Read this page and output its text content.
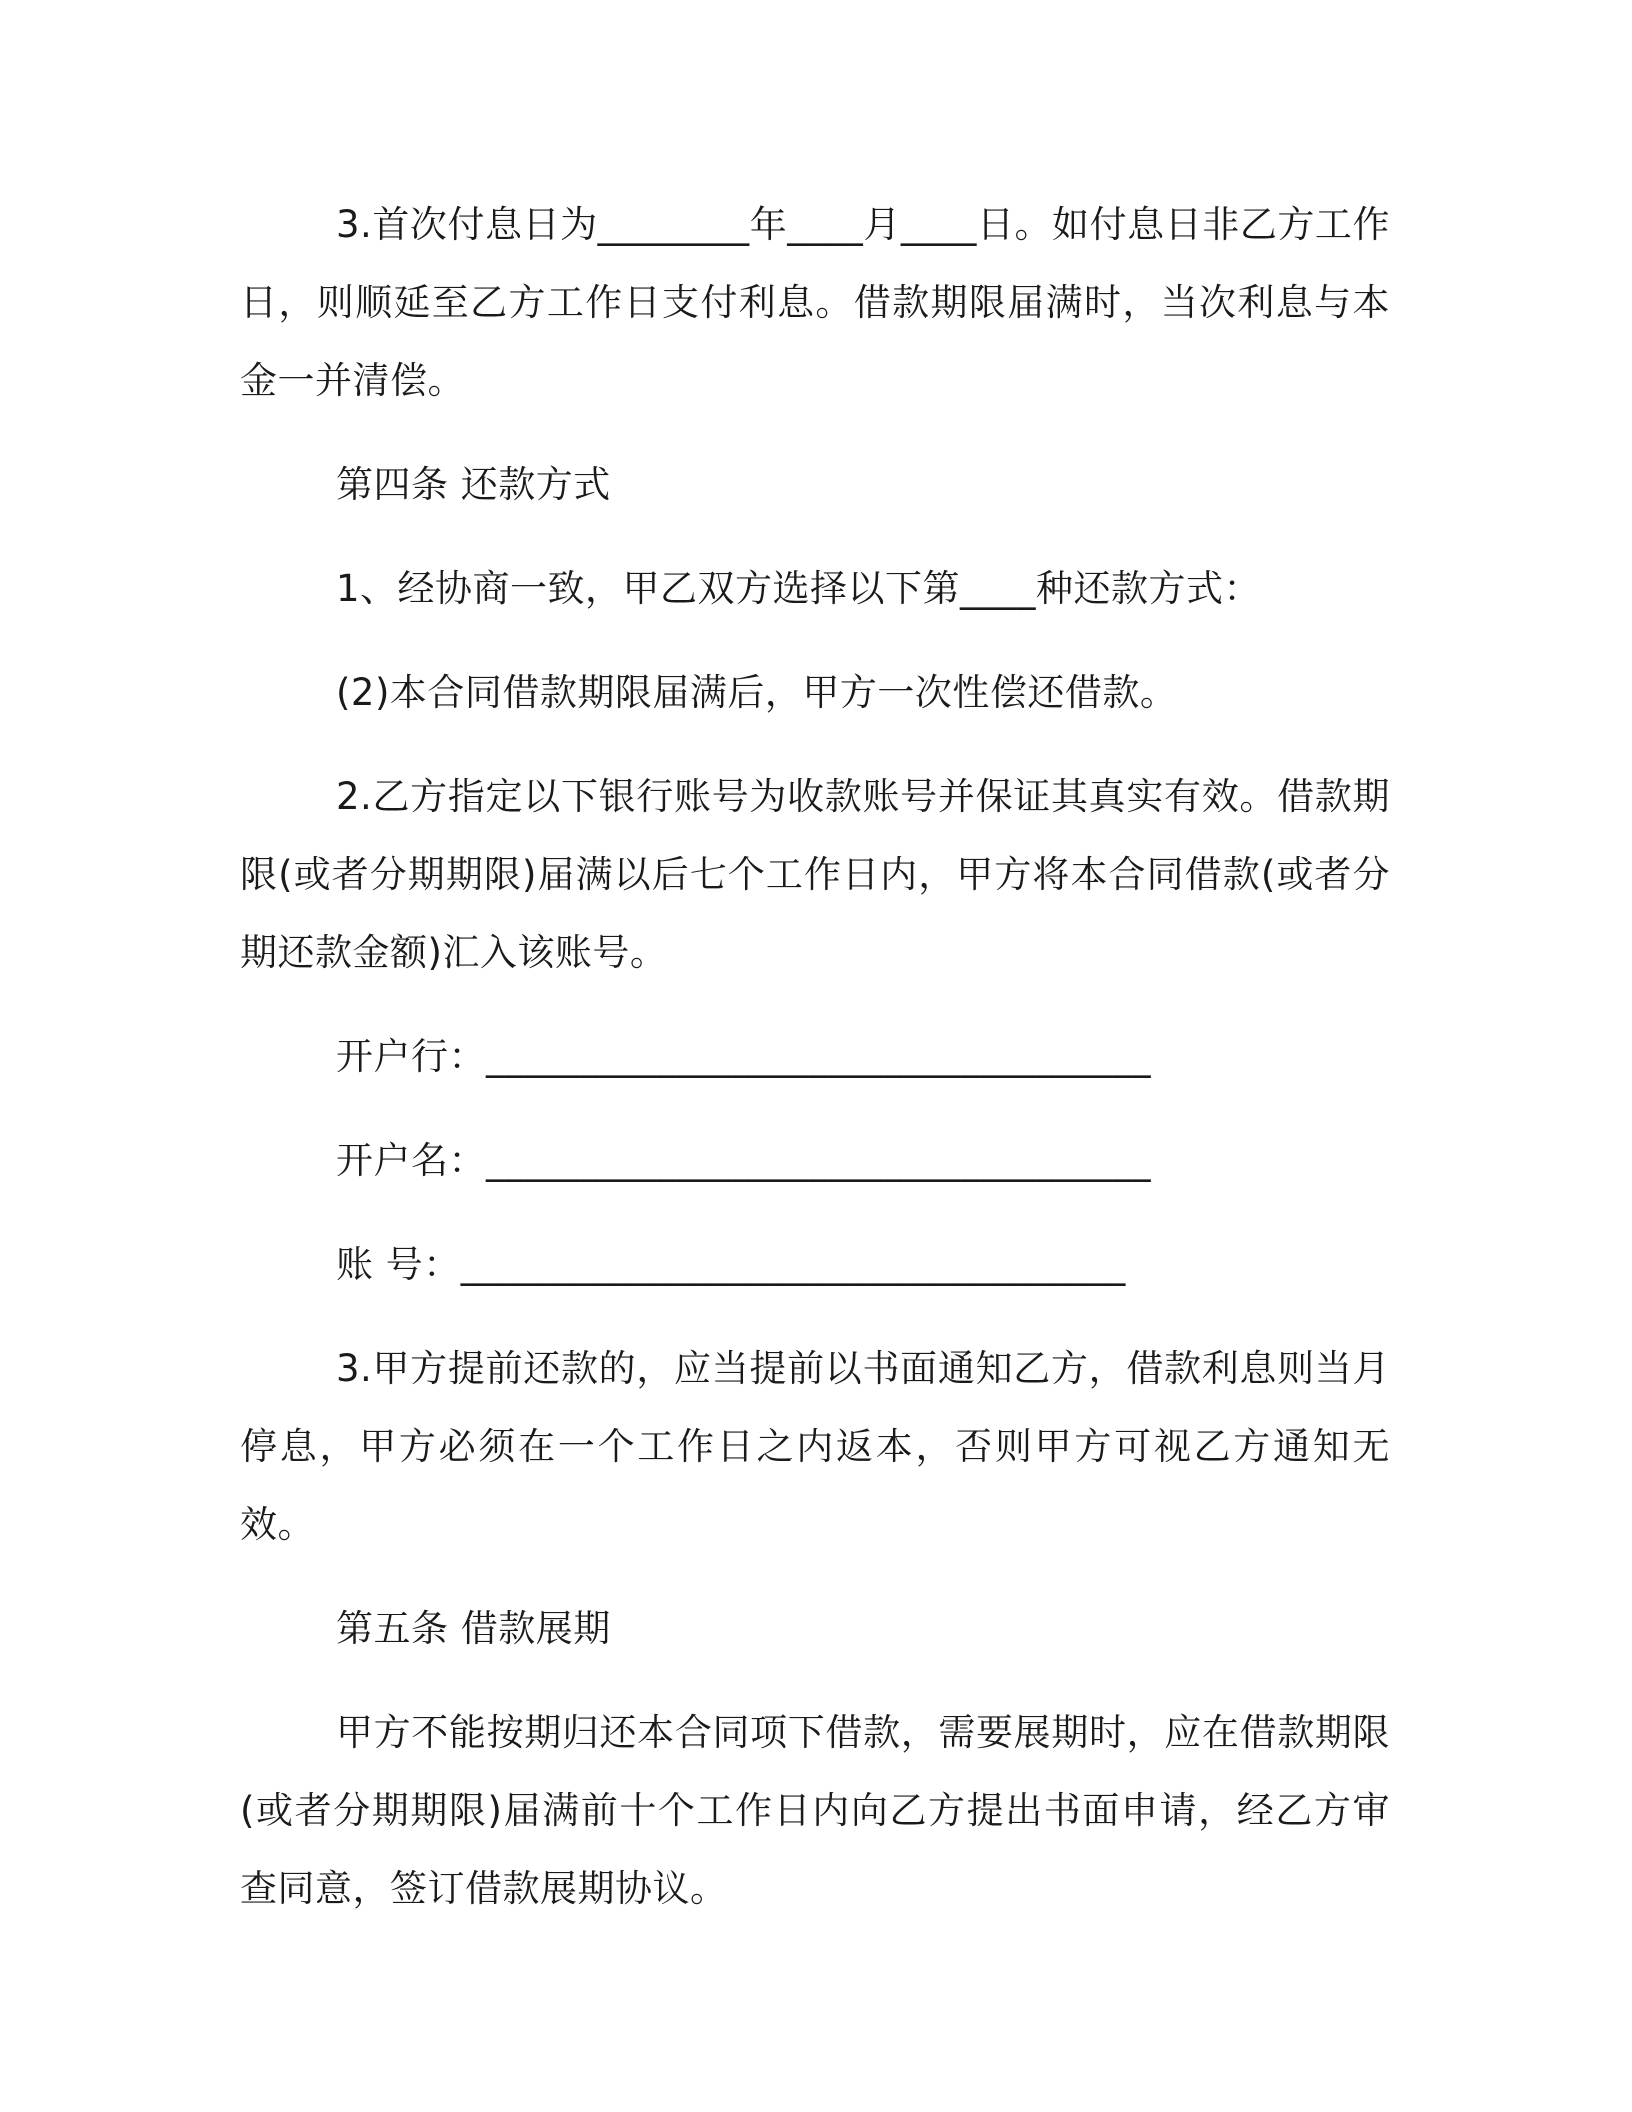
3.首次付息日为________年____月____日。如付息日非乙方工作日，则顺延至乙方工作日支付利息。借款期限届满时，当次利息与本金一并清偿。

第四条 还款方式

1、经协商一致，甲乙双方选择以下第____种还款方式：

(2)本合同借款期限届满后，甲方一次性偿还借款。

2.乙方指定以下银行账号为收款账号并保证其真实有效。借款期限(或者分期期限)届满以后七个工作日内，甲方将本合同借款(或者分期还款金额)汇入该账号。

开户行：___________________________________

开户名：___________________________________

账 号：___________________________________

3.甲方提前还款的，应当提前以书面通知乙方，借款利息则当月停息，甲方必须在一个工作日之内返本，否则甲方可视乙方通知无效。

第五条 借款展期

甲方不能按期归还本合同项下借款，需要展期时，应在借款期限(或者分期期限)届满前十个工作日内向乙方提出书面申请，经乙方审查同意，签订借款展期协议。
